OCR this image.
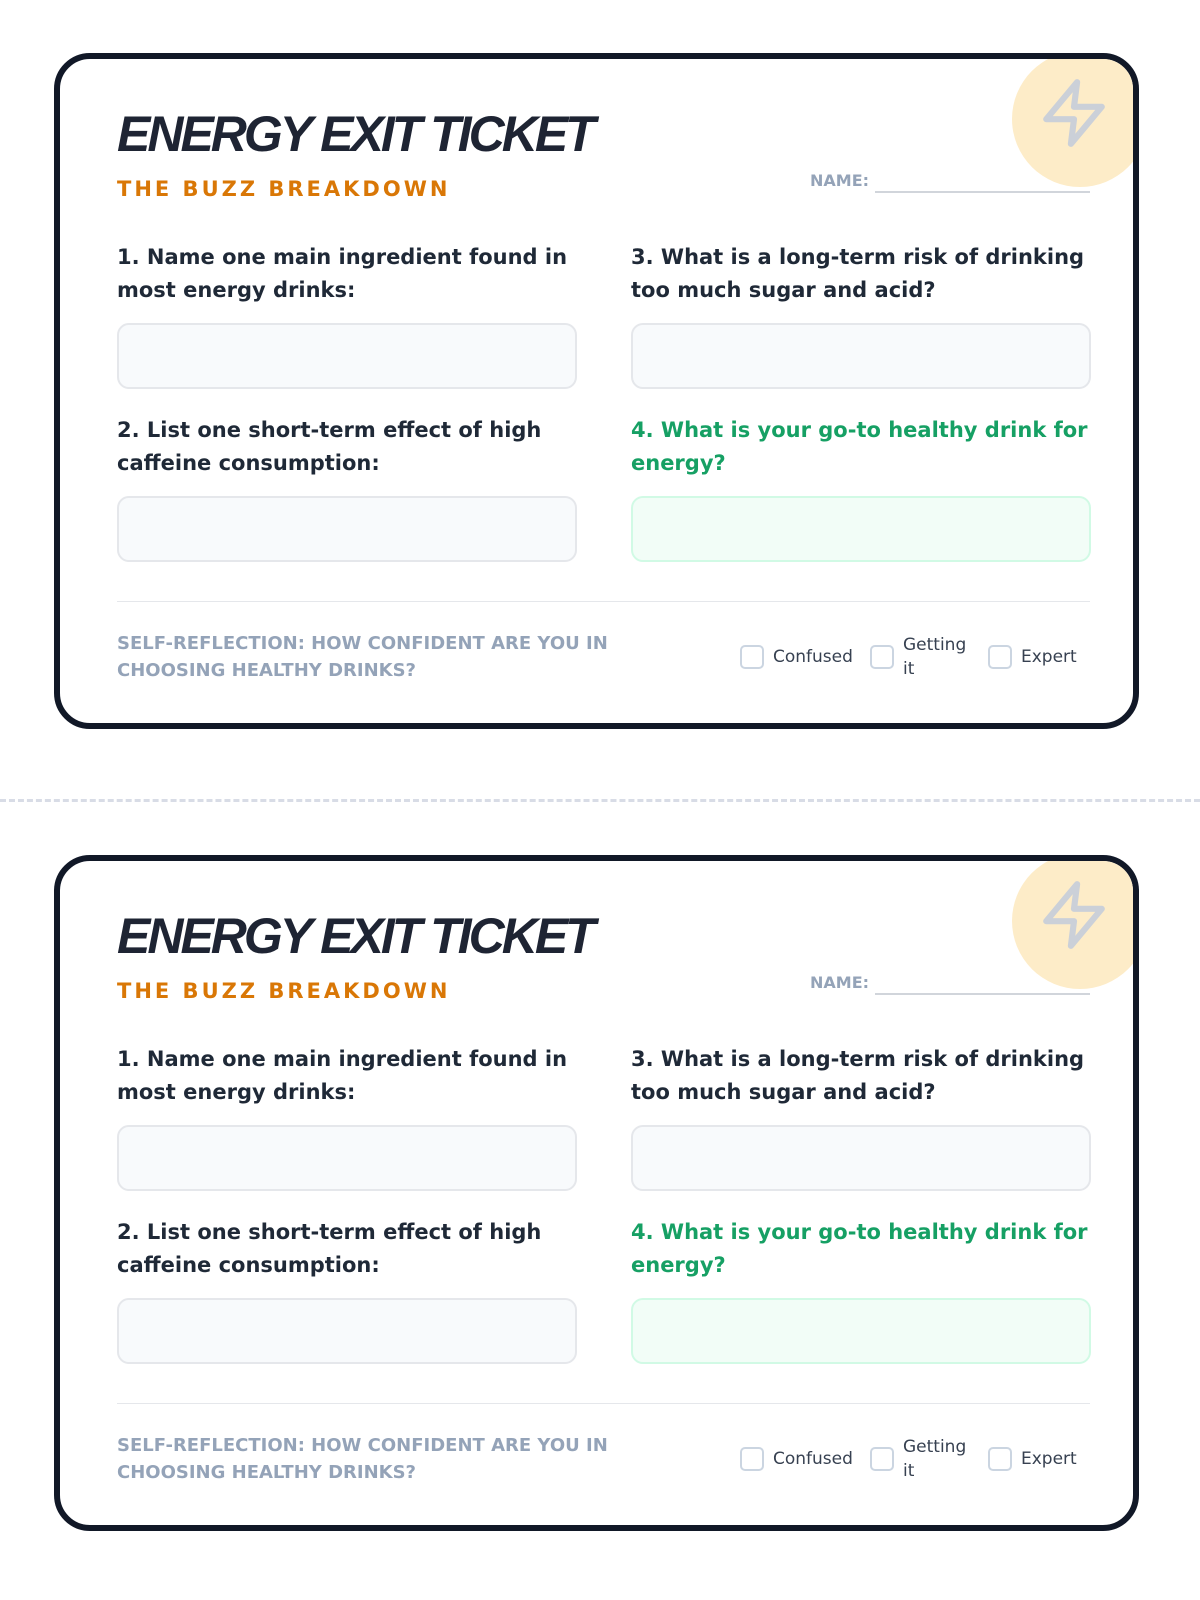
ENERGY EXIT TICKET
THE BUZZ BREAKDOWN	NAME:

1. Name one main ingredient found in most energy drinks:

3. What is a long-term risk of drinking too much sugar and acid?

2. List one short-term effect of high caffeine consumption:

4. What is your go-to healthy drink for energy?

SELF-REFLECTION: HOW CONFIDENT ARE YOU IN CHOOSING HEALTHY DRINKS?
Confused
Getting it
Expert
ENERGY EXIT TICKET
THE BUZZ BREAKDOWN	NAME:

1. Name one main ingredient found in most energy drinks:

3. What is a long-term risk of drinking too much sugar and acid?

2. List one short-term effect of high caffeine consumption:

4. What is your go-to healthy drink for energy?

SELF-REFLECTION: HOW CONFIDENT ARE YOU IN CHOOSING HEALTHY DRINKS?
Confused
Getting it
Expert
